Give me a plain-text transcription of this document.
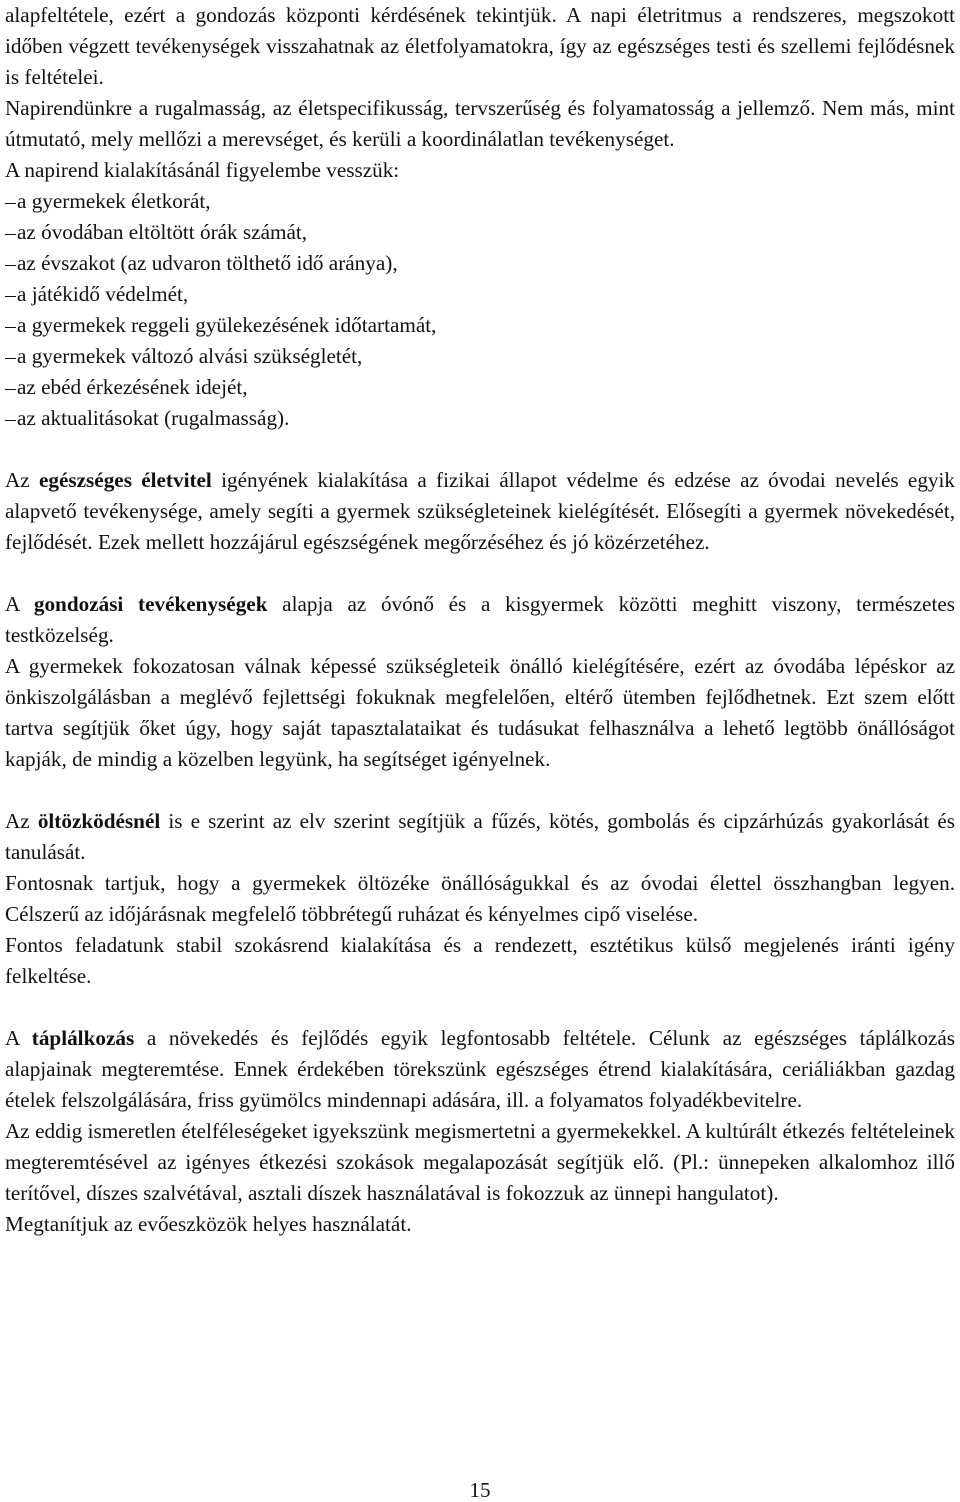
alapfeltétele, ezért a gondozás központi kérdésének tekintjük. A napi életritmus a rendszeres, megszokott időben végzett tevékenységek visszahatnak az életfolyamatokra, így az egészséges testi és szellemi fejlődésnek is feltételei.

Napirendünkre a rugalmasság, az életspecifikusság, tervszerűség és folyamatosság a jellemző. Nem más, mint útmutató, mely mellőzi a merevséget, és kerüli a koordinálatlan tevékenységet.

A napirend kialakításánál figyelembe vesszük:

a gyermekek életkorát,

az óvodában eltöltött órák számát,

az évszakot (az udvaron tölthető idő aránya),

a játékidő védelmét,

a gyermekek reggeli gyülekezésének időtartamát,

a gyermekek változó alvási szükségletét,

az ebéd érkezésének idejét,

az aktualitásokat (rugalmasság).

Az egészséges életvitel igényének kialakítása a fizikai állapot védelme és edzése az óvodai nevelés egyik alapvető tevékenysége, amely segíti a gyermek szükségleteinek kielégítését. Elősegíti a gyermek növekedését, fejlődését. Ezek mellett hozzájárul egészségének megőrzéséhez és jó közérzetéhez.

A gondozási tevékenységek alapja az óvónő és a kisgyermek közötti meghitt viszony, természetes testközelség.

A gyermekek fokozatosan válnak képessé szükségleteik önálló kielégítésére, ezért az óvodába lépéskor az önkiszolgálásban a meglévő fejlettségi fokuknak megfelelően, eltérő ütemben fejlődhetnek. Ezt szem előtt tartva segítjük őket úgy, hogy saját tapasztalataikat és tudásukat felhasználva a lehető legtöbb önállóságot kapják, de mindig a közelben legyünk, ha segítséget igényelnek.

Az öltözködésnél is e szerint az elv szerint segítjük a fűzés, kötés, gombolás és cipzárhúzás gyakorlását és tanulását.

Fontosnak tartjuk, hogy a gyermekek öltözéke önállóságukkal és az óvodai élettel összhangban legyen. Célszerű az időjárásnak megfelelő többrétegű ruházat és kényelmes cipő viselése.

Fontos feladatunk stabil szokásrend kialakítása és a rendezett, esztétikus külső megjelenés iránti igény felkeltése.

A táplálkozás a növekedés és fejlődés egyik legfontosabb feltétele. Célunk az egészséges táplálkozás alapjainak megteremtése. Ennek érdekében törekszünk egészséges étrend kialakítására, ceriáliákban gazdag ételek felszolgálására, friss gyümölcs mindennapi adására, ill. a folyamatos folyadékbevitelre.

Az eddig ismeretlen ételféleségeket igyekszünk megismertetni a gyermekekkel. A kultúrált étkezés feltételeinek megteremtésével az igényes étkezési szokások megalapozását segítjük elő. (Pl.: ünnepeken alkalomhoz illő terítővel, díszes szalvétával, asztali díszek használatával is fokozzuk az ünnepi hangulatot).

Megtanítjuk az evőeszközök helyes használatát.

15
